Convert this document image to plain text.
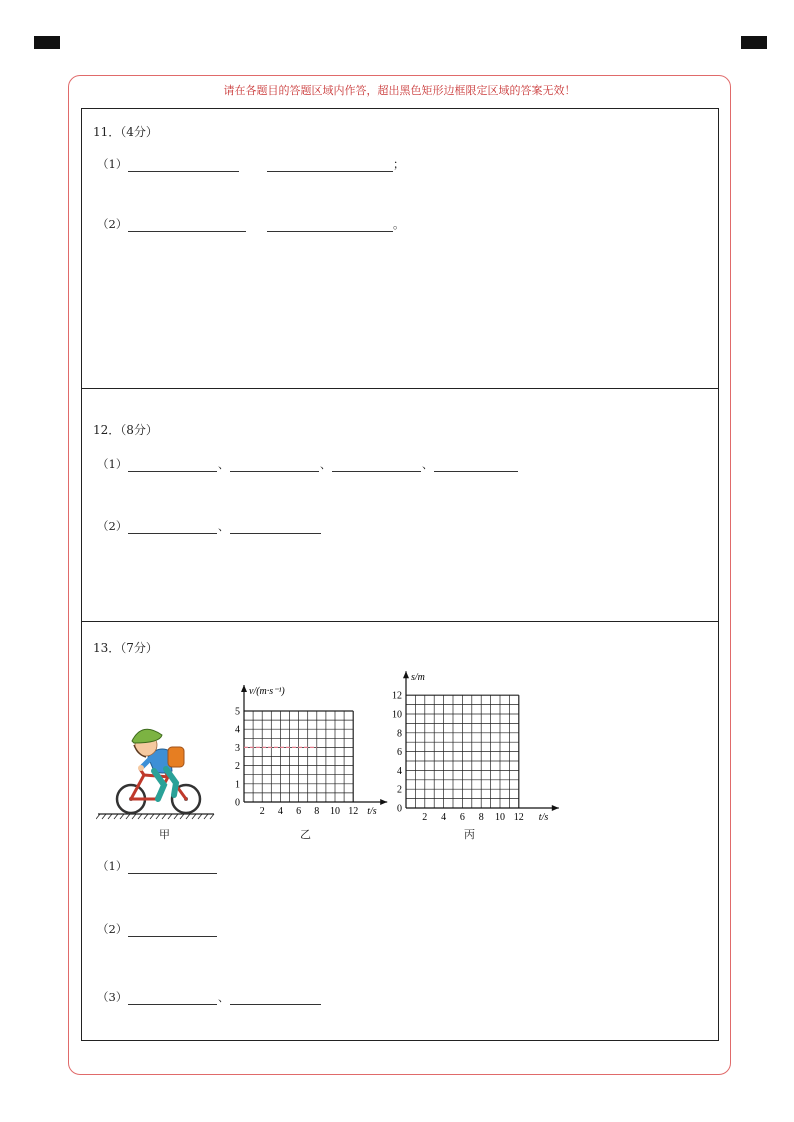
请在各题目的答题区域内作答，超出黑色矩形边框限定区域的答案无效！
11．（4分）
（1）	；
（2）	。
12．（8分）
（1）	、	、	、
（2）	、
13．（7分）
甲
2 4 6 8 10 12
0
1
2
3
4
5
t/s
v/(m·s⁻¹)
乙
2 4 6 8 10 12
0
2
4
6
8
10
12
t/s
s/m
丙
（1）
（2）
（3）	、
